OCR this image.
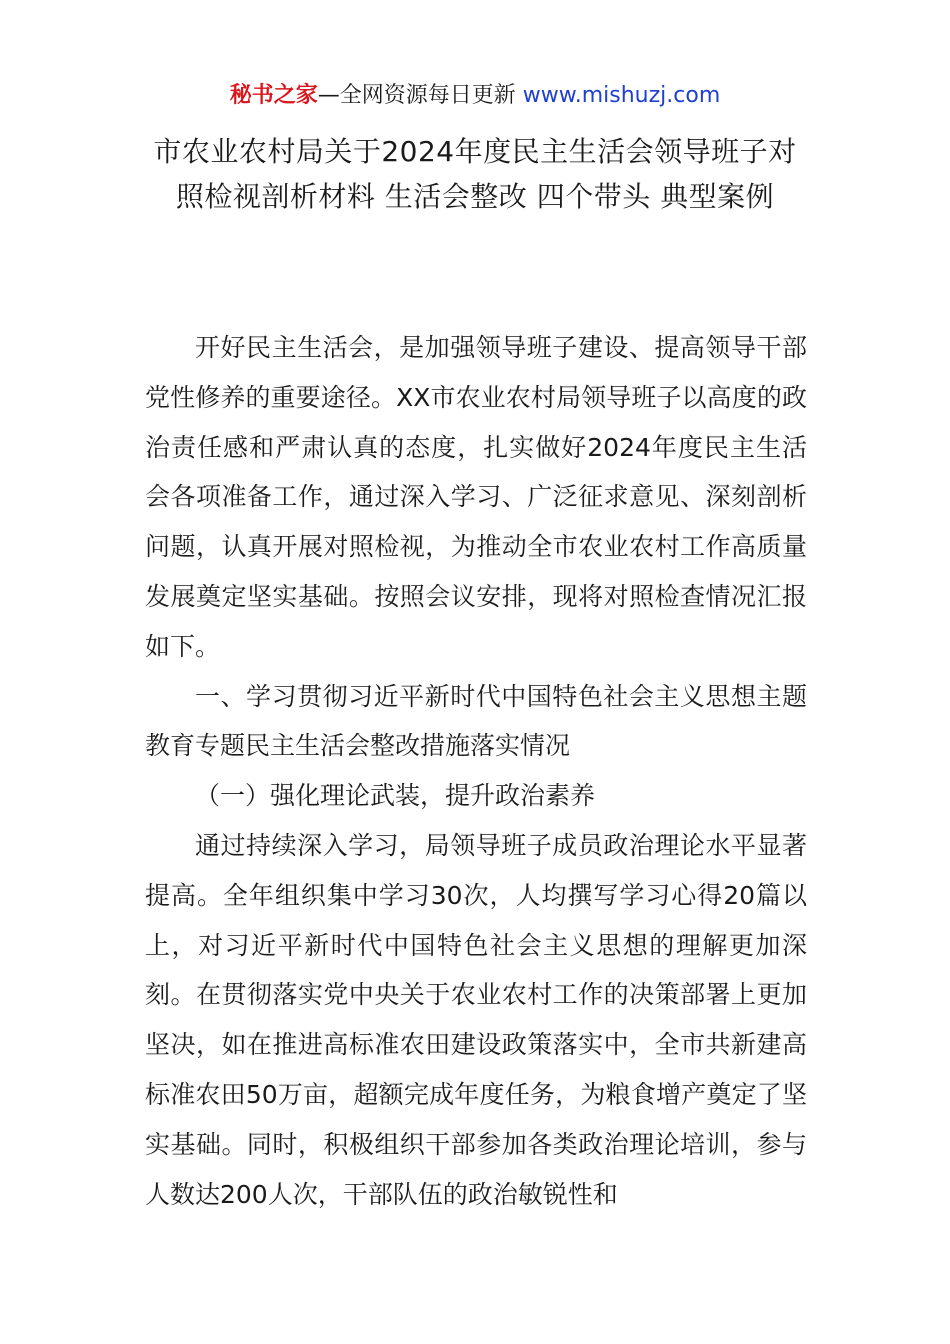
秘书之家—全网资源每日更新 www.mishuzj.com
市农业农村局关于2024年度民主生活会领导班子对照检视剖析材料 生活会整改 四个带头 典型案例

开好民主生活会，是加强领导班子建设、提高领导干部党性修养的重要途径。XX市农业农村局领导班子以高度的政治责任感和严肃认真的态度，扎实做好2024年度民主生活会各项准备工作，通过深入学习、广泛征求意见、深刻剖析问题，认真开展对照检视，为推动全市农业农村工作高质量发展奠定坚实基础。按照会议安排，现将对照检查情况汇报如下。

一、学习贯彻习近平新时代中国特色社会主义思想主题教育专题民主生活会整改措施落实情况

（一）强化理论武装，提升政治素养

通过持续深入学习，局领导班子成员政治理论水平显著提高。全年组织集中学习30次，人均撰写学习心得20篇以上，对习近平新时代中国特色社会主义思想的理解更加深刻。在贯彻落实党中央关于农业农村工作的决策部署上更加坚决，如在推进高标准农田建设政策落实中，全市共新建高标准农田50万亩，超额完成年度任务，为粮食增产奠定了坚实基础。同时，积极组织干部参加各类政治理论培训，参与人数达200人次，干部队伍的政治敏锐性和
